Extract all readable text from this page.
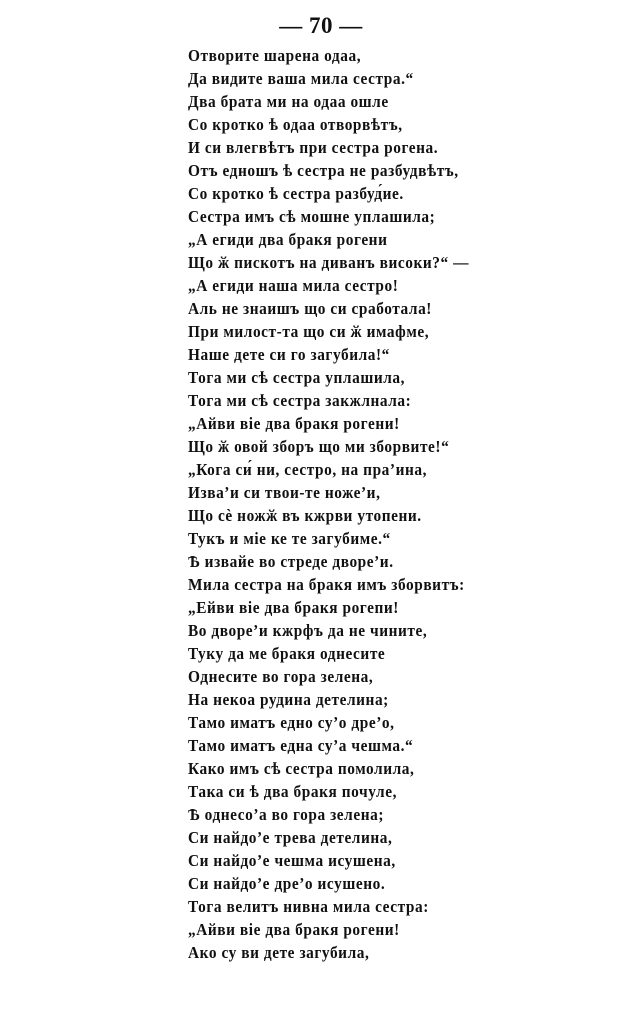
— 70 —
Отворите шарена одаа,
Да видите ваша мила сестра.“
Два брата ми на одаа ошле
Со кротко ѣ одаа отворвѣтъ,
И си влегвѣтъ при сестра рогена.
Отъ едношъ ѣ сестра не разбудвѣтъ,
Со кротко ѣ сестра разбуд́ие.
Сестра имъ сѣ мошне уплашила;
„А егиди два бракя рогени
Що ӂ пискотъ на диванъ високи?“ —
„А егиди наша мила сестро!
Аль не знаишъ що си сработала!
При милост-та що си ӂ имафме,
Наше дете си го загубила!“
Тога ми сѣ сестра уплашила,
Тога ми сѣ сестра закжлнала:
„Айви віе два бракя рогени!
Що ӂ овой зборъ що ми зборвите!“
„Кога си́ ни, сестро, на пра’ина,
Изва’и си твои-те ноже’и,
Що сѐ ножӂ въ кжрви утопени.
Тукъ и міе ке те загубиме.“
Ѣ извайе во стреде дворе’и.
Мила сестра на бракя имъ зборвитъ:
„Ейви віе два бракя рогепи!
Во дворе’и кжрфъ да не чините,
Туку да ме бракя однесите
Однесите во гора зелена,
На некоа рудина детелина;
Тамо иматъ едно су’о дре’о,
Тамо иматъ една су’а чешма.“
Како имъ сѣ сестра помолила,
Така си ѣ два бракя почуле,
Ѣ однесо’а во гора зелена;
Си найдо’е трева детелина,
Си найдо’е чешма исушена,
Си найдо’е дре’о исушено.
Тога велитъ нивна мила сестра:
„Айви віе два бракя рогени!
Ако су ви дете загубила,
